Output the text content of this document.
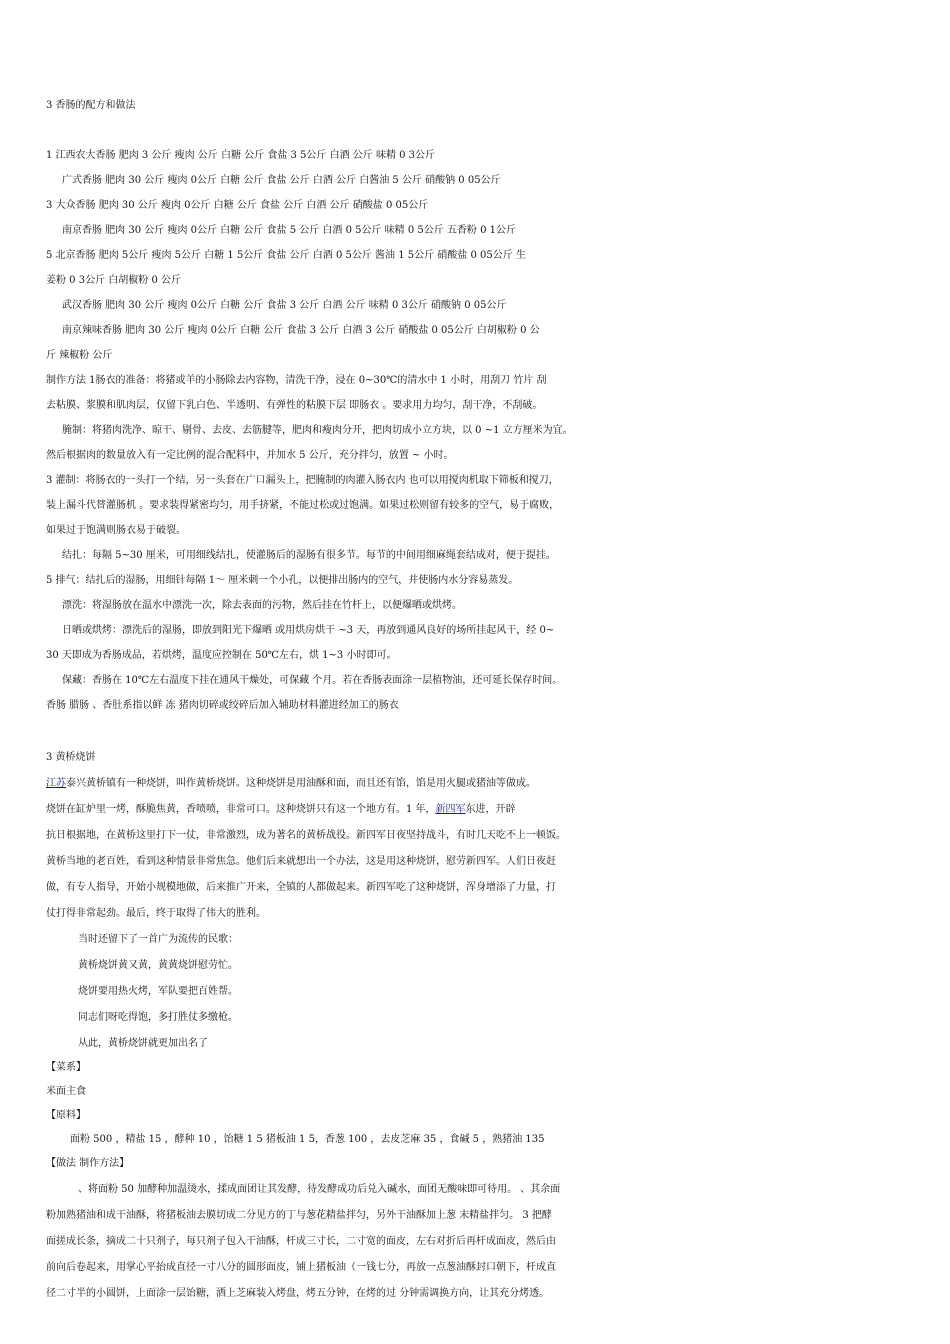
3 香肠的配方和做法
1 江西农大香肠 肥肉 3 公斤 瘦肉 公斤 白糖 公斤 食盐 3 5公斤 白酒 公斤 味精 0 3公斤
广式香肠 肥肉 30 公斤 瘦肉 0公斤 白糖 公斤 食盐 公斤 白酒 公斤 白酱油 5 公斤 硝酸钠 0 05公斤
3 大众香肠 肥肉 30 公斤 瘦肉 0公斤 白糖 公斤 食盐 公斤 白酒 公斤 硝酸盐 0 05公斤
南京香肠 肥肉 30 公斤 瘦肉 0公斤 白糖 公斤 食盐 5 公斤 白酒 0 5公斤 味精 0 5公斤 五香粉 0 1公斤
5 北京香肠 肥肉 5公斤 瘦肉 5公斤 白糖 1 5公斤 食盐 公斤 白酒 0 5公斤 酱油 1 5公斤 硝酸盐 0 05公斤 生
姜粉 0 3公斤 白胡椒粉 0 公斤
武汉香肠 肥肉 30 公斤 瘦肉 0公斤 白糖 公斤 食盐 3 公斤 白酒 公斤 味精 0 3公斤 硝酸钠 0 05公斤
南京辣味香肠 肥肉 30 公斤 瘦肉 0公斤 白糖 公斤 食盐 3 公斤 白酒 3 公斤 硝酸盐 0 05公斤 白胡椒粉 0 公
斤 辣椒粉 公斤
制作方法 1肠衣的准备：将猪或羊的小肠除去内容物，清洗干净，浸在 0~30℃的清水中 1 小时，用刮刀 竹片 刮
去粘膜、浆膜和肌肉层，仅留下乳白色、半透明、有弹性的粘膜下层 即肠衣 。要求用力均匀，刮干净，不刮破。
腌制：将猪肉洗净、晾干、剔骨、去皮、去筋腱等，肥肉和瘦肉分开，把肉切成小立方块，以 0 ~1 立方厘米为宜。
然后根据肉的数量放入有一定比例的混合配料中，并加水 5 公斤，充分拌匀，放置 ~ 小时。
3 灌制：将肠衣的一头打一个结，另一头套在广口漏头上，把腌制的肉灌入肠衣内 也可以用搅肉机取下筛板和搅刀，
装上漏斗代替灌肠机 。要求装得紧密均匀，用手挤紧，不能过松或过饱满。如果过松则留有较多的空气，易于腐败，
如果过于饱满则肠衣易于破裂。
结扎：每隔 5~30 厘米，可用细线结扎，使灌肠后的湿肠有很多节。每节的中间用细麻绳套结成对，便于提挂。
5 排气：结扎后的湿肠，用细针每隔 1～ 厘米刺一个小孔，以便排出肠内的空气，并使肠内水分容易蒸发。
漂洗：将湿肠放在温水中漂洗一次，除去表面的污物，然后挂在竹杆上，以便爆晒或烘烤。
日晒或烘烤：漂洗后的湿肠，即放到阳光下爆晒 或用烘房烘干 ~3 天，再放到通风良好的场所挂起风干，经 0~
30 天即成为香肠成品，若烘烤，温度应控制在 50℃左右，烘 1~3 小时即可。
保藏：香肠在 10℃左右温度下挂在通风干燥处，可保藏 个月。若在香肠表面涂一层植物油，还可延长保存时间。
香肠 腊肠 、香肚系指以鲜 冻 猪肉切碎或绞碎后加入辅助材料灌进经加工的肠衣
3 黄桥烧饼
江苏泰兴黄桥镇有一种烧饼，叫作黄桥烧饼。这种烧饼是用油酥和面，而且还有馅，馅是用火腿或猪油等做成。
烧饼在缸炉里一烤，酥脆焦黄，香喷喷，非常可口。这种烧饼只有这一个地方有。1 年，新四军东进，开辟
抗日根据地，在黄桥这里打下一仗，非常激烈，成为著名的黄桥战役。新四军日夜坚持战斗，有时几天吃不上一顿饭。
黄桥当地的老百姓，看到这种情景非常焦急。他们后来就想出一个办法，这是用这种烧饼，慰劳新四军。人们日夜赶
做，有专人指导，开始小规模地做，后来推广开来，全镇的人都做起来。新四军吃了这种烧饼，浑身增添了力量，打
仗打得非常起劲。最后，终于取得了伟大的胜利。
当时还留下了一首广为流传的民歌：
黄桥烧饼黄又黄，黄黄烧饼慰劳忙。
烧饼要用热火烤，军队要把百姓帮。
同志们呀吃得饱，多打胜仗多缴枪。
从此，黄桥烧饼就更加出名了
【菜系】
米面主食
【原料】
面粉 500 ，精盐 15 ，酵种 10 ，饴糖 1 5 猪板油 1 5，香葱 100 ，去皮芝麻 35 ，食碱 5 ，熟猪油 135
【做法 制作方法】
、将面粉 50 加酵种加温烫水，揉成面团让其发酵，待发酵成功后兑入碱水，面团无酸味即可待用。 、其余面
粉加熟猪油和成干油酥，将猪板油去膜切成二分见方的丁与葱花精盐拌匀，另外干油酥加上葱 末精盐拌匀。 3 把酵
面搓成长条，摘成二十只剂子，每只剂子包入干油酥，杆成三寸长，二寸宽的面皮，左右对折后再杆成面皮，然后由
前向后卷起来，用掌心平抬成直径一寸八分的圆形面皮，铺上猪板油（一钱七分，再放一点葱油酥封口朝下，杆成直
径二寸半的小圆饼，上面涂一层饴糖，洒上芝麻装入烤盘，烤五分钟，在烤的过 分钟需调换方向，让其充分烤透。
